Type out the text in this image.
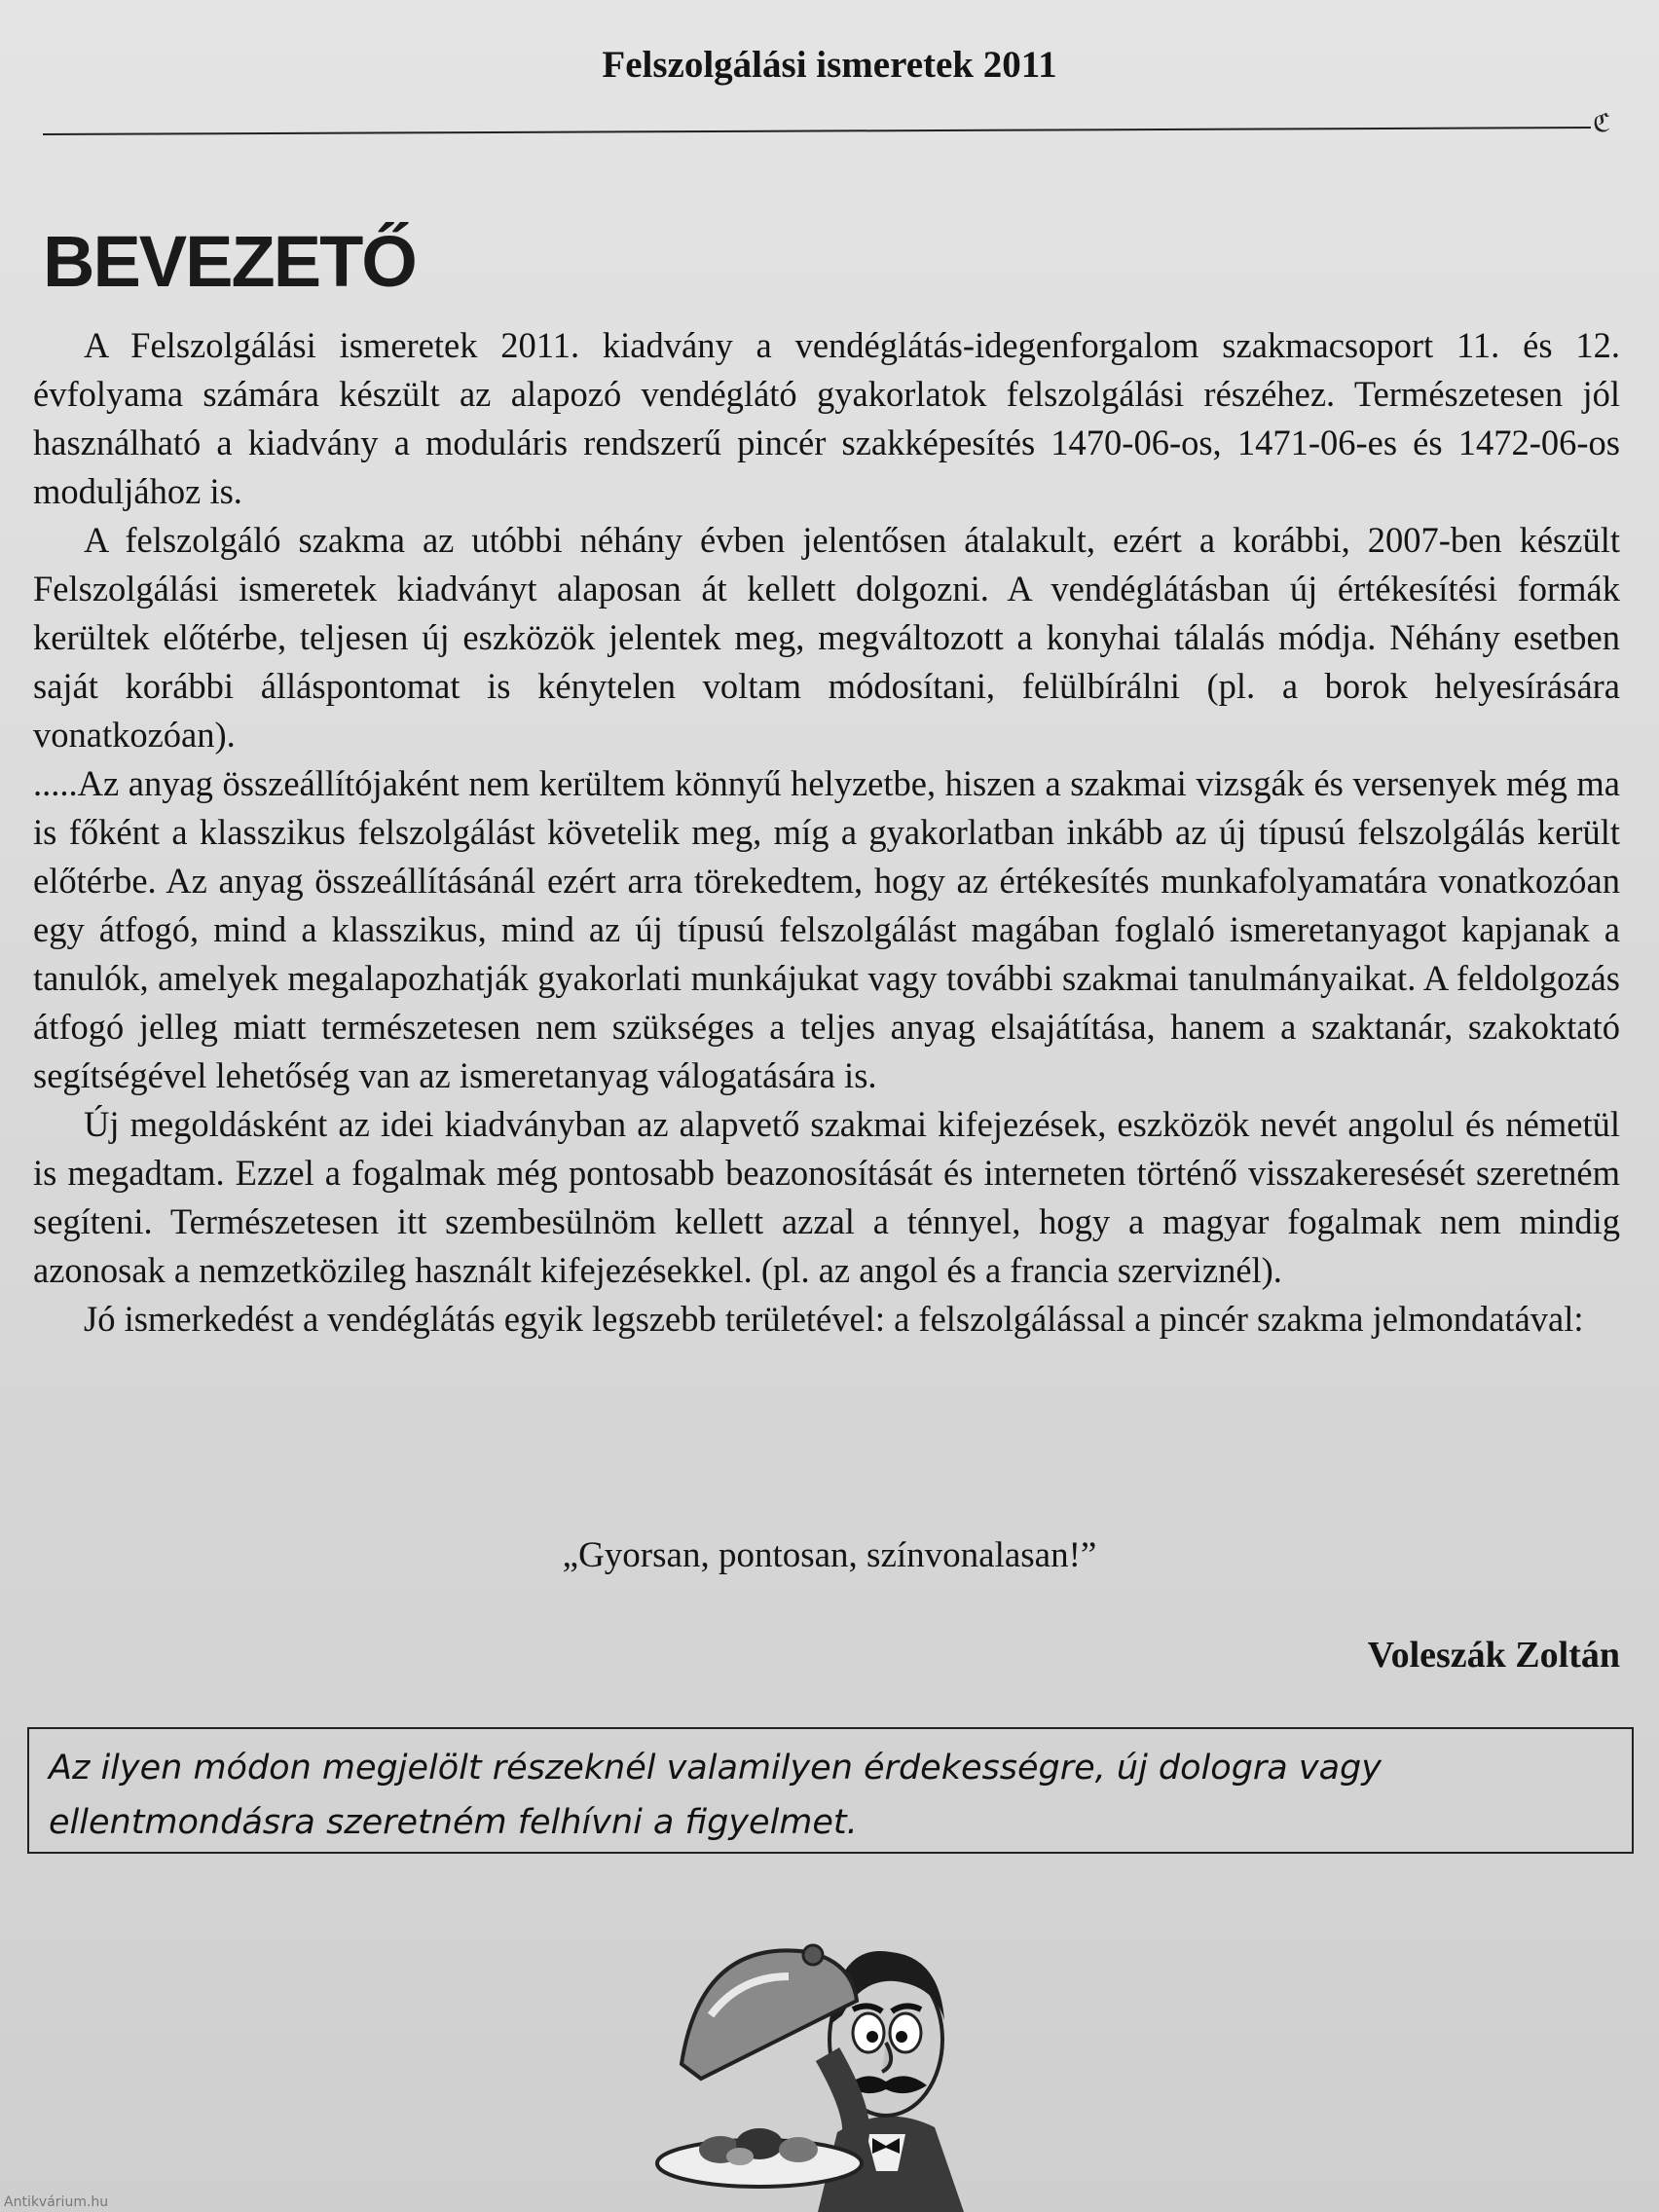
Felszolgálási ismeretek 2011
ℭ
BEVEZETŐ

A Felszolgálási ismeretek 2011. kiadvány a vendéglátás-idegenforgalom szakmacsoport 11. és 12. évfolyama számára készült az alapozó vendéglátó gyakorlatok felszolgálási részéhez. Természetesen jól használható a kiadvány a moduláris rendszerű pincér szakképesítés 1470-06-os, 1471-06-es és 1472-06-os moduljához is.

A felszolgáló szakma az utóbbi néhány évben jelentősen átalakult, ezért a korábbi, 2007-ben készült Felszolgálási ismeretek kiadványt alaposan át kellett dolgozni. A vendéglátásban új értékesítési formák kerültek előtérbe, teljesen új eszközök jelentek meg, megváltozott a konyhai tálalás módja. Néhány esetben saját korábbi álláspontomat is kénytelen voltam módosítani, felülbírálni (pl. a borok helyesírására vonatkozóan).

.....Az anyag összeállítójaként nem kerültem könnyű helyzetbe, hiszen a szakmai vizsgák és versenyek még ma is főként a klasszikus felszolgálást követelik meg, míg a gyakorlatban inkább az új típusú felszolgálás került előtérbe. Az anyag összeállításánál ezért arra törekedtem, hogy az értékesítés munkafolyamatára vonatkozóan egy átfogó, mind a klasszikus, mind az új típusú felszolgálást magában foglaló ismeretanyagot kapjanak a tanulók, amelyek megalapozhatják gyakorlati munkájukat vagy további szakmai tanulmányaikat. A feldolgozás átfogó jelleg miatt természetesen nem szükséges a teljes anyag elsajátítása, hanem a szaktanár, szakoktató segítségével lehetőség van az ismeretanyag válogatására is.

Új megoldásként az idei kiadványban az alapvető szakmai kifejezések, eszközök nevét angolul és németül is megadtam. Ezzel a fogalmak még pontosabb beazonosítását és interneten történő visszakeresését szeretném segíteni. Természetesen itt szembesülnöm kellett azzal a ténnyel, hogy a magyar fogalmak nem mindig azonosak a nemzetközileg használt kifejezésekkel. (pl. az angol és a francia szerviznél).

Jó ismerkedést a vendéglátás egyik legszebb területével: a felszolgálással a pincér szakma jelmondatával:

„Gyorsan, pontosan, színvonalasan!”
Voleszák Zoltán
Az ilyen módon megjelölt részeknél valamilyen érdekességre, új dologra vagy ellentmondásra szeretném felhívni a figyelmet.
Antikvárium.hu
